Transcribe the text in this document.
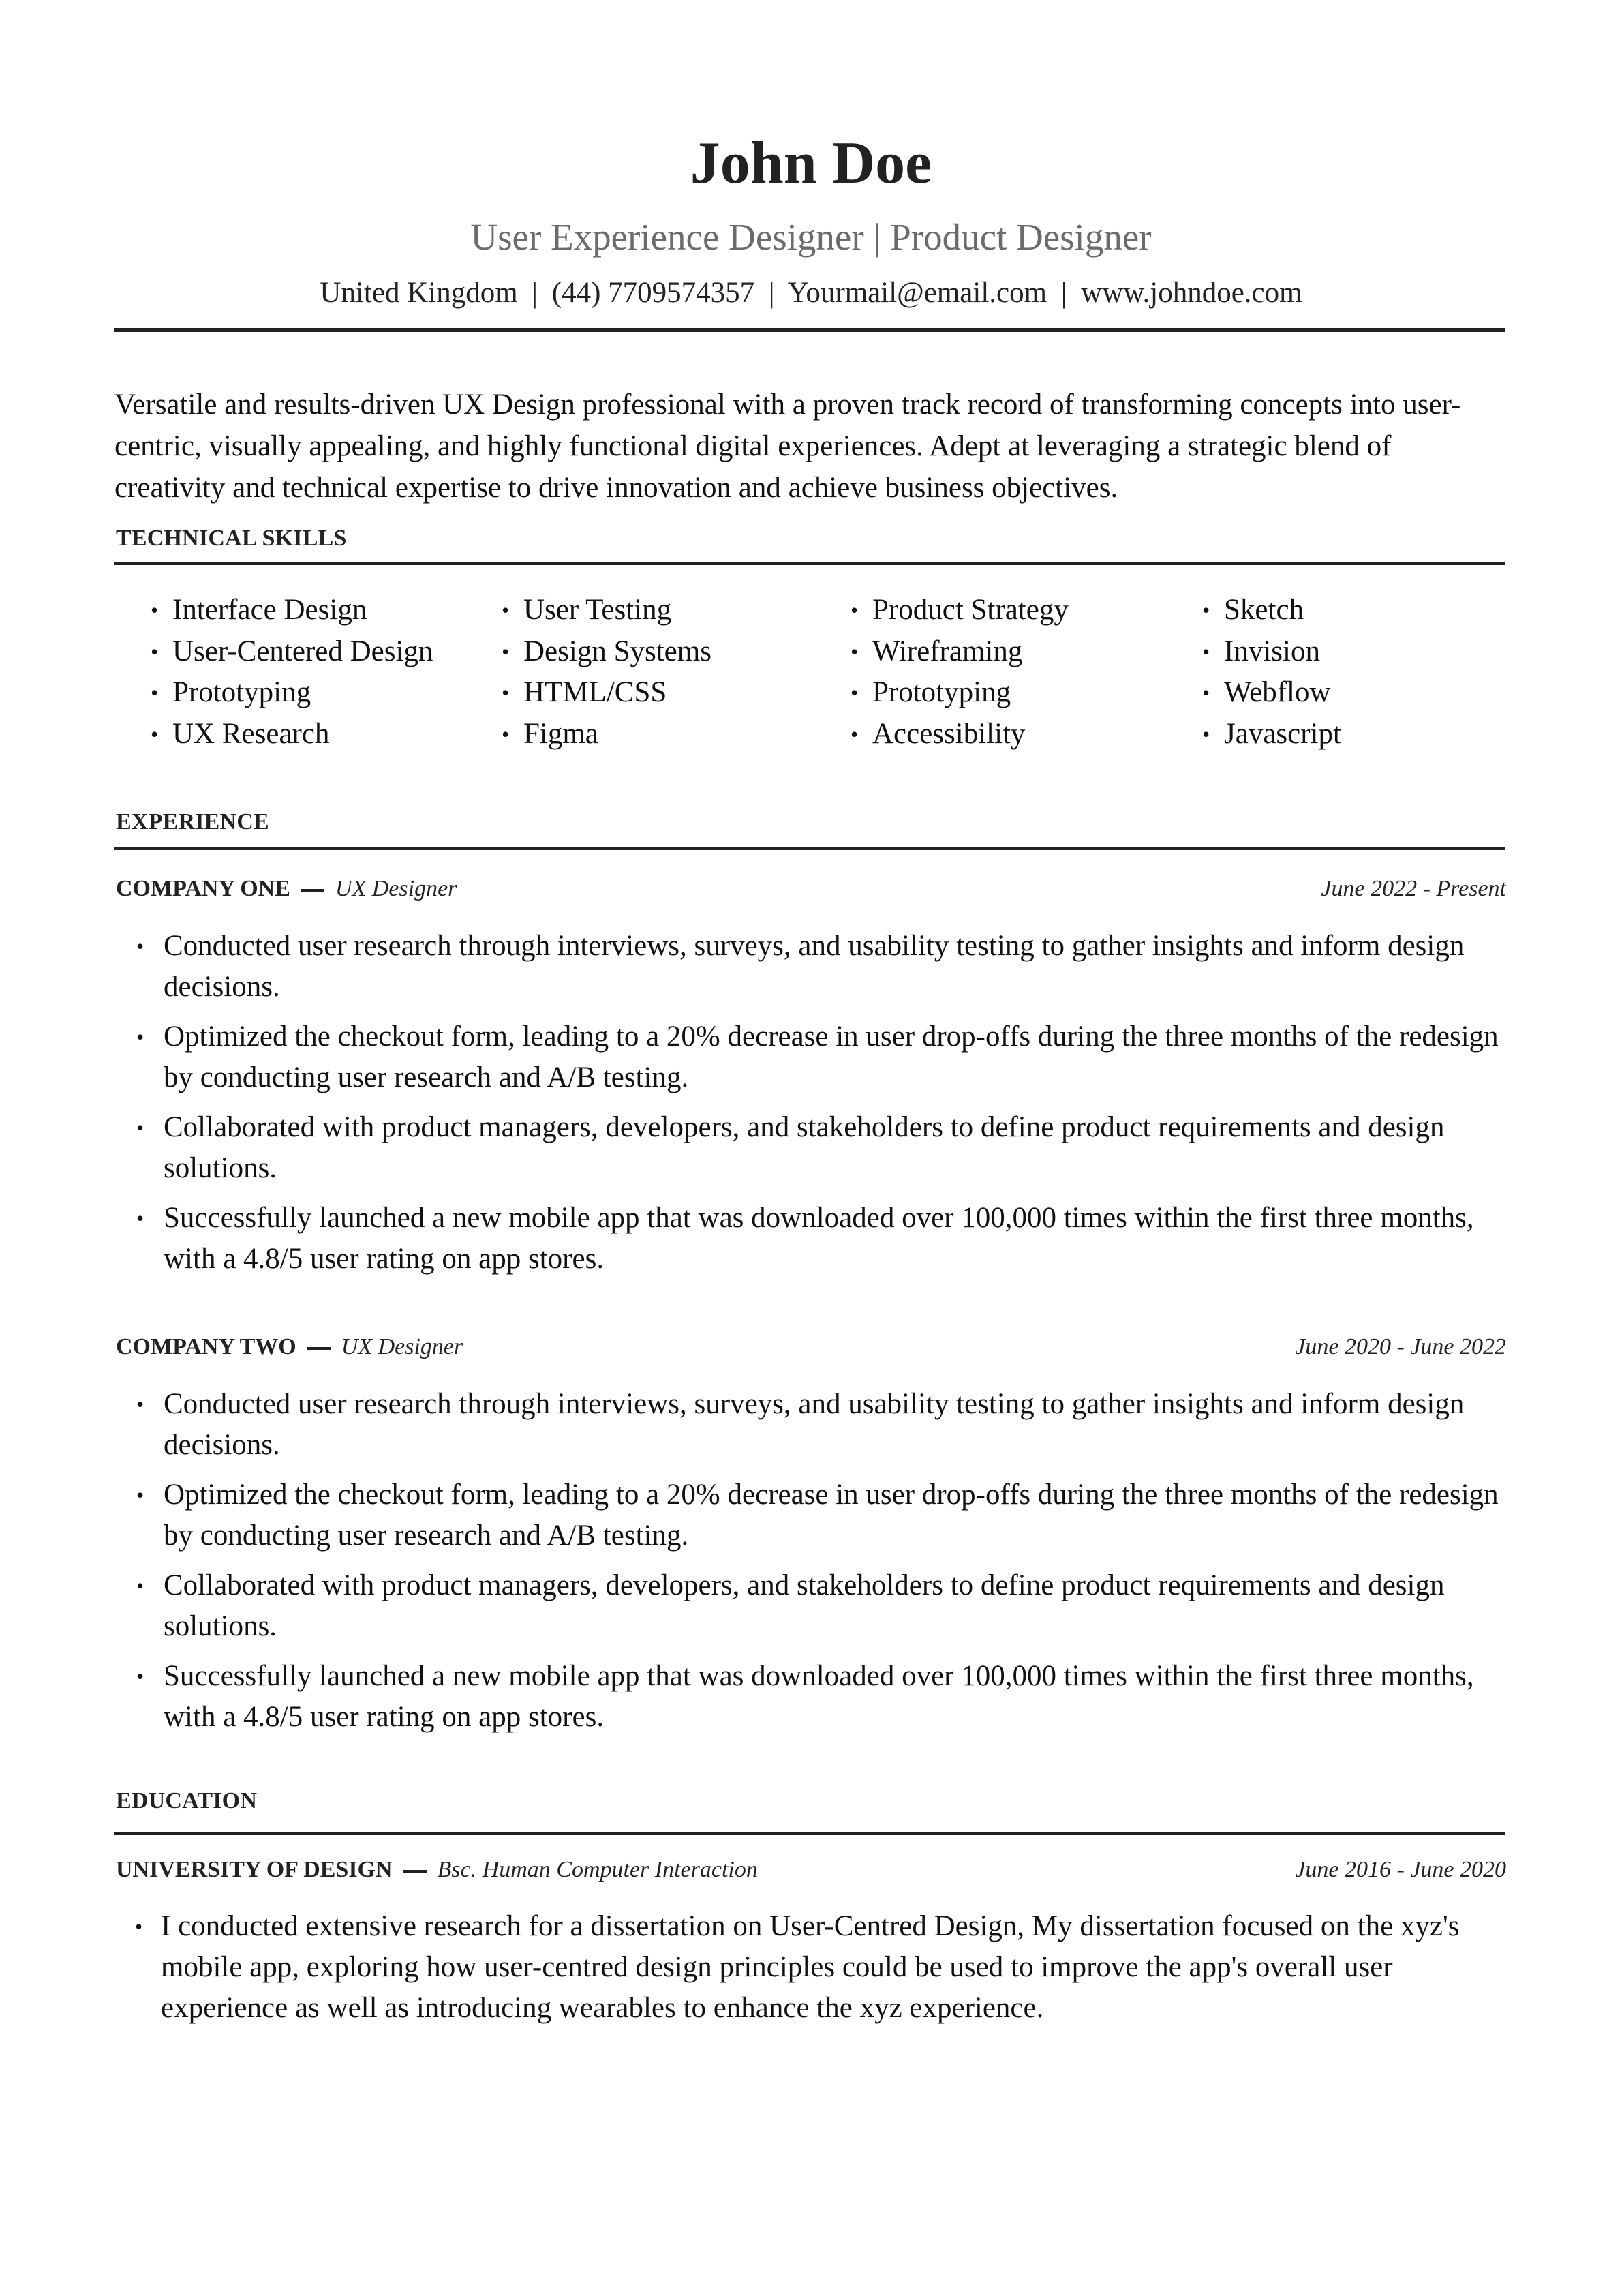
John Doe
User Experience Designer | Product Designer
United Kingdom | (44) 7709574357 | Yourmail@email.com | www.johndoe.com
Versatile and results-driven UX Design professional with a proven track record of transforming concepts into user-centric, visually appealing, and highly functional digital experiences. Adept at leveraging a strategic blend of creativity and technical expertise to drive innovation and achieve business objectives.
TECHNICAL SKILLS
• Interface Design
• User-Centered Design
• Prototyping
• UX Research
• User Testing
• Design Systems
• HTML/CSS
• Figma
• Product Strategy
• Wireframing
• Prototyping
• Accessibility
• Sketch
• Invision
• Webflow
• Javascript
EXPERIENCE
COMPANY ONE UX Designer	June 2022 - Present
• Conducted user research through interviews, surveys, and usability testing to gather insights and inform design decisions.
• Optimized the checkout form, leading to a 20% decrease in user drop-offs during the three months of the redesign by conducting user research and A/B testing.
• Collaborated with product managers, developers, and stakeholders to define product requirements and design solutions.
• Successfully launched a new mobile app that was downloaded over 100,000 times within the first three months, with a 4.8/5 user rating on app stores.
COMPANY TWO UX Designer	June 2020 - June 2022
• Conducted user research through interviews, surveys, and usability testing to gather insights and inform design decisions.
• Optimized the checkout form, leading to a 20% decrease in user drop-offs during the three months of the redesign by conducting user research and A/B testing.
• Collaborated with product managers, developers, and stakeholders to define product requirements and design solutions.
• Successfully launched a new mobile app that was downloaded over 100,000 times within the first three months, with a 4.8/5 user rating on app stores.
EDUCATION
UNIVERSITY OF DESIGN Bsc. Human Computer Interaction	June 2016 - June 2020
• I conducted extensive research for a dissertation on User-Centred Design, My dissertation focused on the xyz's mobile app, exploring how user-centred design principles could be used to improve the app's overall user experience as well as introducing wearables to enhance the xyz experience.
